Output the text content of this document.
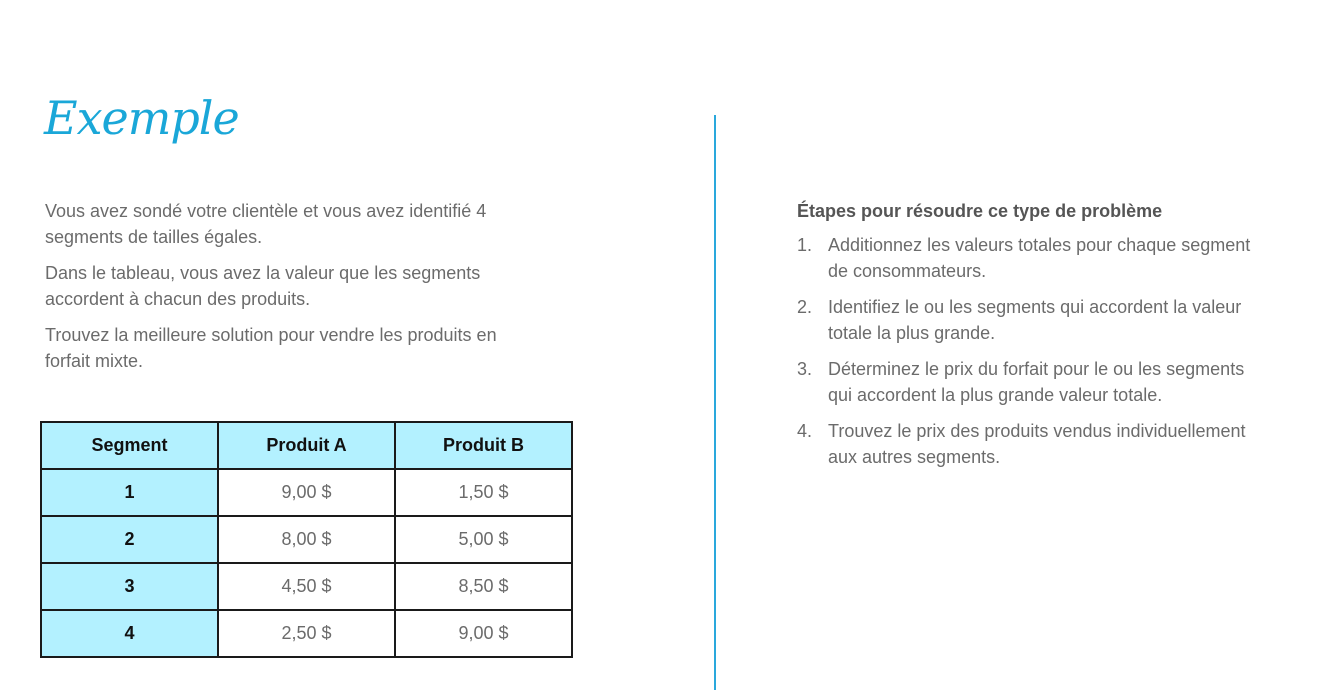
Exemple

Vous avez sondé votre clientèle et vous avez identifié 4 segments de tailles égales.

Dans le tableau, vous avez la valeur que les segments accordent à chacun des produits.

Trouvez la meilleure solution pour vendre les produits en forfait mixte.

Segment	Produit A	Produit B
1	9,00 $	1,50 $
2	8,00 $	5,00 $
3	4,50 $	8,50 $
4	2,50 $	9,00 $
Étapes pour résoudre ce type de problème
1. Additionnez les valeurs totales pour chaque segment de consommateurs.
2. Identifiez le ou les segments qui accordent la valeur totale la plus grande.
3. Déterminez le prix du forfait pour le ou les segments qui accordent la plus grande valeur totale.
4. Trouvez le prix des produits vendus individuellement aux autres segments.
